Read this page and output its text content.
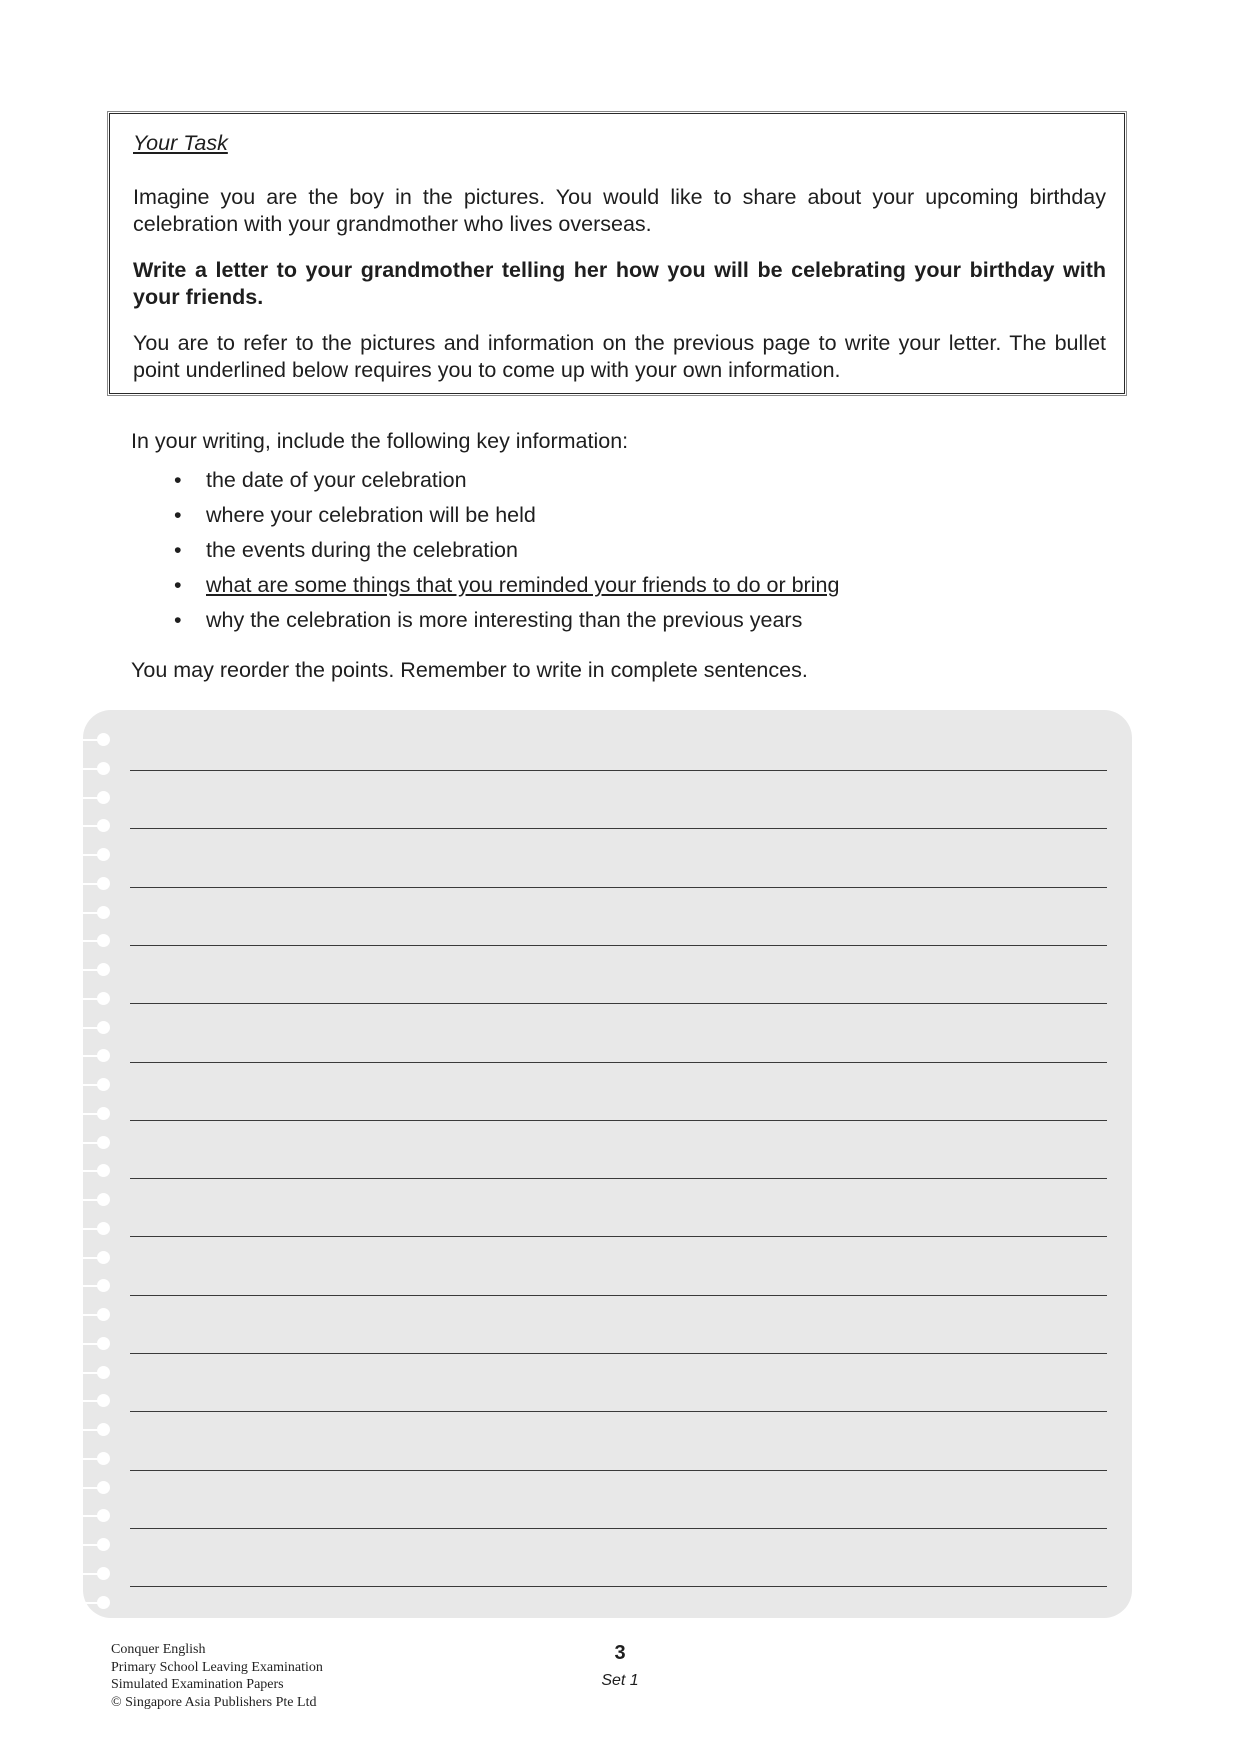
Your Task

Imagine you are the boy in the pictures. You would like to share about your upcoming birthday celebration with your grandmother who lives overseas.

Write a letter to your grandmother telling her how you will be celebrating your birthday with your friends.

You are to refer to the pictures and information on the previous page to write your letter. The bullet point underlined below requires you to come up with your own information.

In your writing, include the following key information:
• the date of your celebration
• where your celebration will be held
• the events during the celebration
• what are some things that you reminded your friends to do or bring
• why the celebration is more interesting than the previous years
You may reorder the points. Remember to write in complete sentences.
Conquer English
Primary School Leaving Examination
Simulated Examination Papers
© Singapore Asia Publishers Pte Ltd
3
Set 1
